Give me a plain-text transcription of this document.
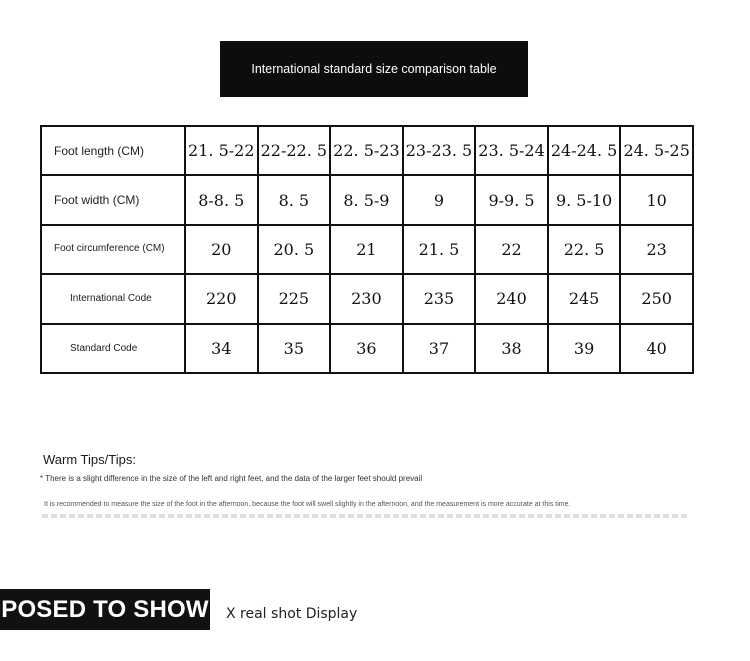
International standard size comparison table
Foot length (CM)	21. 5-22	22-22. 5	22. 5-23	23-23. 5	23. 5-24	24-24. 5	24. 5-25
Foot width (CM)	8-8. 5	8. 5	8. 5-9	9	9-9. 5	9. 5-10	10
Foot circumference (CM)	20	20. 5	21	21. 5	22	22. 5	23
International Code	220	225	230	235	240	245	250
Standard Code	34	35	36	37	38	39	40
Warm Tips/Tips:
* There is a slight difference in the size of the left and right feet, and the data of the larger feet should prevail
It is recommended to measure the size of the foot in the afternoon, because the foot will swell slightly in the afternoon, and the measurement is more accurate at this time.
POSED TO SHOW X real shot Display
